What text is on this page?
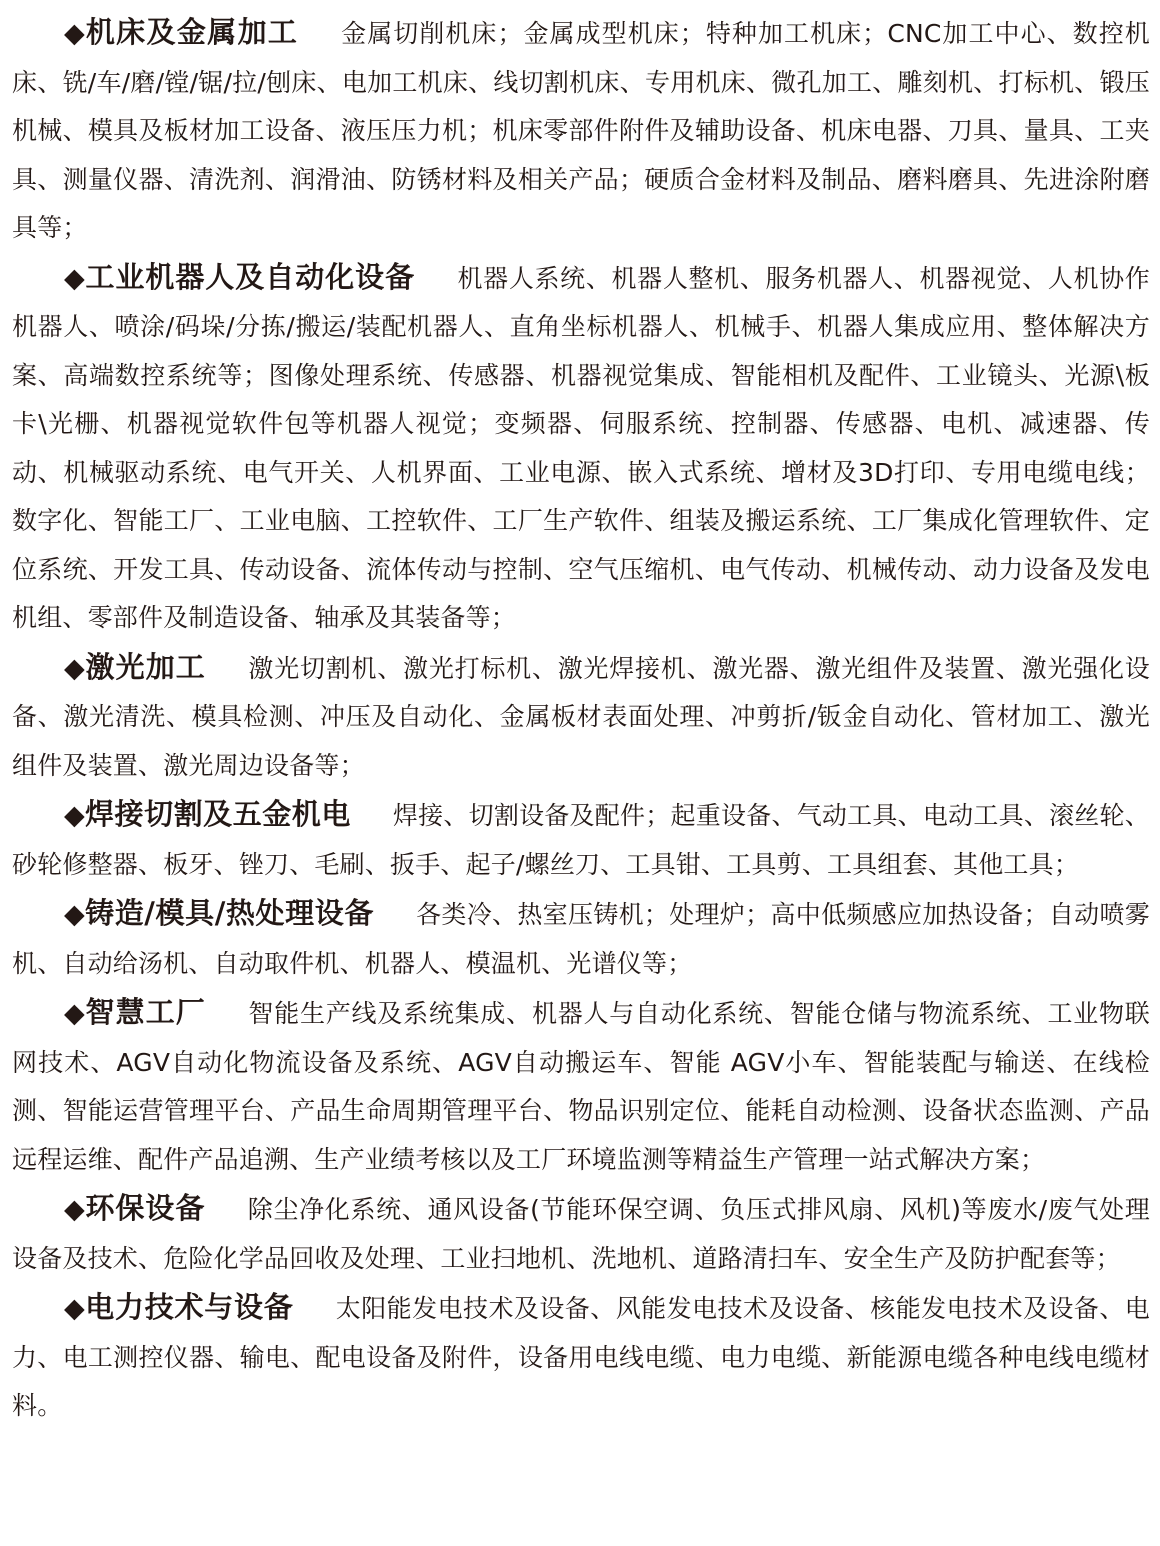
◆机床及金属加工 金属切削机床；金属成型机床；特种加工机床；CNC加工中心、数控机床、铣/车/磨/镗/锯/拉/刨床、电加工机床、线切割机床、专用机床、微孔加工、雕刻机、打标机、锻压机械、模具及板材加工设备、液压压力机；机床零部件附件及辅助设备、机床电器、刀具、量具、工夹具、测量仪器、清洗剂、润滑油、防锈材料及相关产品；硬质合金材料及制品、磨料磨具、先进涂附磨具等；

◆工业机器人及自动化设备 机器人系统、机器人整机、服务机器人、机器视觉、人机协作机器人、喷涂/码垛/分拣/搬运/装配机器人、直角坐标机器人、机械手、机器人集成应用、整体解决方案、高端数控系统等；图像处理系统、传感器、机器视觉集成、智能相机及配件、工业镜头、光源\板卡\光栅、机器视觉软件包等机器人视觉；变频器、伺服系统、控制器、传感器、电机、减速器、传动、机械驱动系统、电气开关、人机界面、工业电源、嵌入式系统、增材及3D打印、专用电缆电线；数字化、智能工厂、工业电脑、工控软件、工厂生产软件、组装及搬运系统、工厂集成化管理软件、定位系统、开发工具、传动设备、流体传动与控制、空气压缩机、电气传动、机械传动、动力设备及发电机组、零部件及制造设备、轴承及其装备等；

◆激光加工 激光切割机、激光打标机、激光焊接机、激光器、激光组件及装置、激光强化设备、激光清洗、模具检测、冲压及自动化、金属板材表面处理、冲剪折/钣金自动化、管材加工、激光组件及装置、激光周边设备等；

◆焊接切割及五金机电 焊接、切割设备及配件；起重设备、气动工具、电动工具、滚丝轮、砂轮修整器、板牙、锉刀、毛刷、扳手、起子/螺丝刀、工具钳、工具剪、工具组套、其他工具；

◆铸造/模具/热处理设备 各类冷、热室压铸机；处理炉；高中低频感应加热设备；自动喷雾机、自动给汤机、自动取件机、机器人、模温机、光谱仪等；

◆智慧工厂 智能生产线及系统集成、机器人与自动化系统、智能仓储与物流系统、工业物联网技术、AGV自动化物流设备及系统、AGV自动搬运车、智能 AGV小车、智能装配与输送、在线检测、智能运营管理平台、产品生命周期管理平台、物品识别定位、能耗自动检测、设备状态监测、产品远程运维、配件产品追溯、生产业绩考核以及工厂环境监测等精益生产管理一站式解决方案；

◆环保设备 除尘净化系统、通风设备(节能环保空调、负压式排风扇、风机)等废水/废气处理设备及技术、危险化学品回收及处理、工业扫地机、洗地机、道路清扫车、安全生产及防护配套等；

◆电力技术与设备 太阳能发电技术及设备、风能发电技术及设备、核能发电技术及设备、电力、电工测控仪器、输电、配电设备及附件，设备用电线电缆、电力电缆、新能源电缆各种电线电缆材料。
